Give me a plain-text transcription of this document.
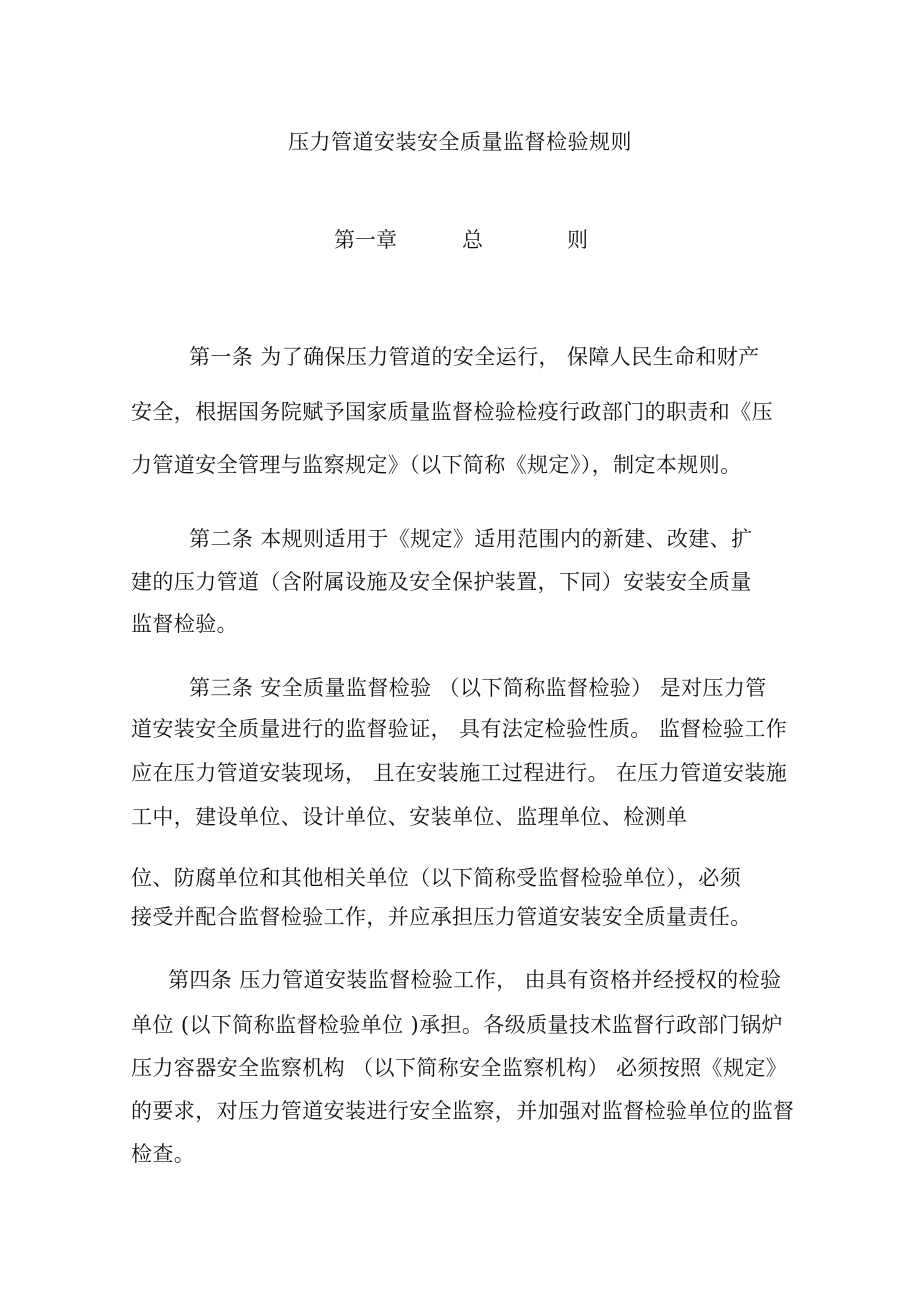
压力管道安装安全质量监督检验规则
第一章	总	则
第一条 为了确保压力管道的安全运行， 保障人民生命和财产
安全，根据国务院赋予国家质量监督检验检疫行政部门的职责和《压
力管道安全管理与监察规定》（以下简称《规定》），制定本规则。
第二条 本规则适用于《规定》适用范围内的新建、改建、扩
建的压力管道（含附属设施及安全保护装置，下同）安装安全质量
监督检验。
第三条 安全质量监督检验 （以下简称监督检验） 是对压力管
道安装安全质量进行的监督验证， 具有法定检验性质。 监督检验工作
应在压力管道安装现场， 且在安装施工过程进行。 在压力管道安装施
工中，建设单位、设计单位、安装单位、监理单位、检测单
位、防腐单位和其他相关单位（以下简称受监督检验单位），必须
接受并配合监督检验工作，并应承担压力管道安装安全质量责任。
第四条 压力管道安装监督检验工作， 由具有资格并经授权的检验
单位 (以下简称监督检验单位 )承担。各级质量技术监督行政部门锅炉
压力容器安全监察机构 （以下简称安全监察机构） 必须按照《规定》
的要求，对压力管道安装进行安全监察，并加强对监督检验单位的监督
检查。
